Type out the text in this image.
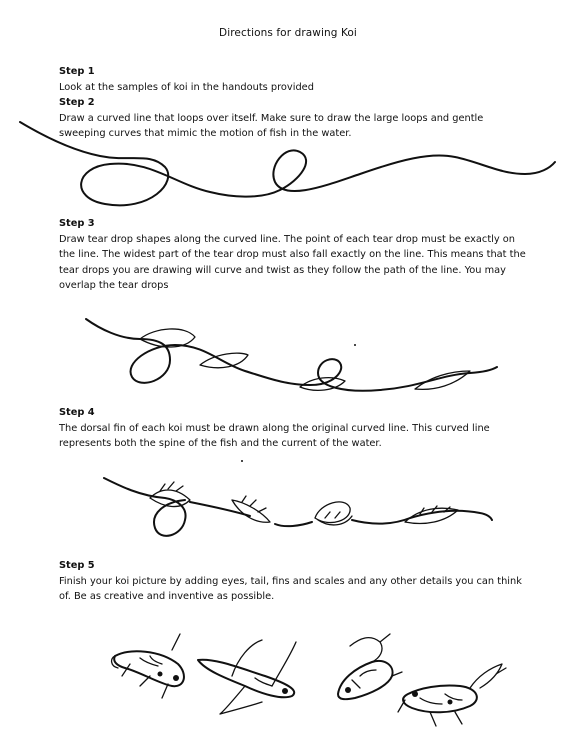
Directions for drawing Koi
Step 1
Look at the samples of koi in the handouts provided
Step 2
Draw a curved line that loops over itself. Make sure to draw the large loops and gentle sweeping curves that mimic the motion of fish in the water.
Step 3
Draw tear drop shapes along the curved line. The point of each tear drop must be exactly on the line. The widest part of the tear drop must also fall exactly on the line. This means that the tear drops you are drawing will curve and twist as they follow the path of the line. You may overlap the tear drops
Step 4
The dorsal fin of each koi must be drawn along the original curved line. This curved line represents both the spine of the fish and the current of the water.
Step 5
Finish your koi picture by adding eyes, tail, fins and scales and any other details you can think of. Be as creative and inventive as possible.
